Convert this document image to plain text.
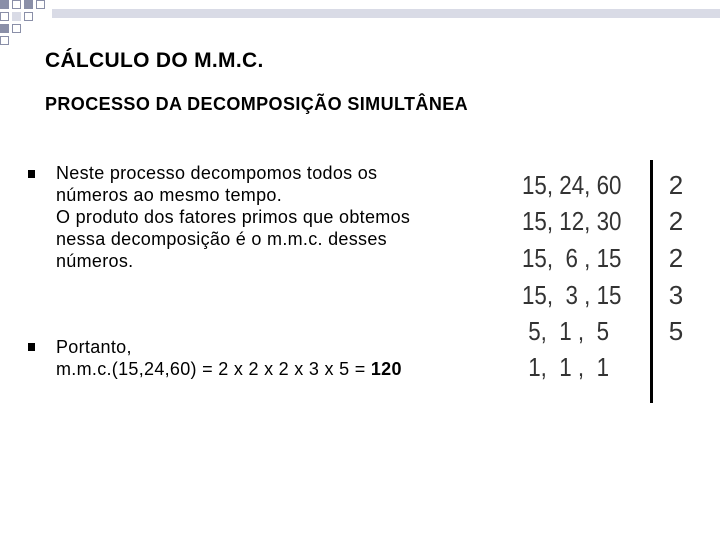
CÁLCULO DO M.M.C.
PROCESSO DA DECOMPOSIÇÃO SIMULTÂNEA
Neste processo decompomos todos os
números ao mesmo tempo.
O produto dos fatores primos que obtemos
nessa decomposição é o m.m.c. desses
números.
Portanto,
m.m.c.(15,24,60) = 2 x 2 x 2 x 3 x 5 = 120
15, 24, 60
15, 12, 30
15,  6 , 15
15,  3 , 15
5,  1 ,  5
1,  1 ,  1
2
2
2
3
5
